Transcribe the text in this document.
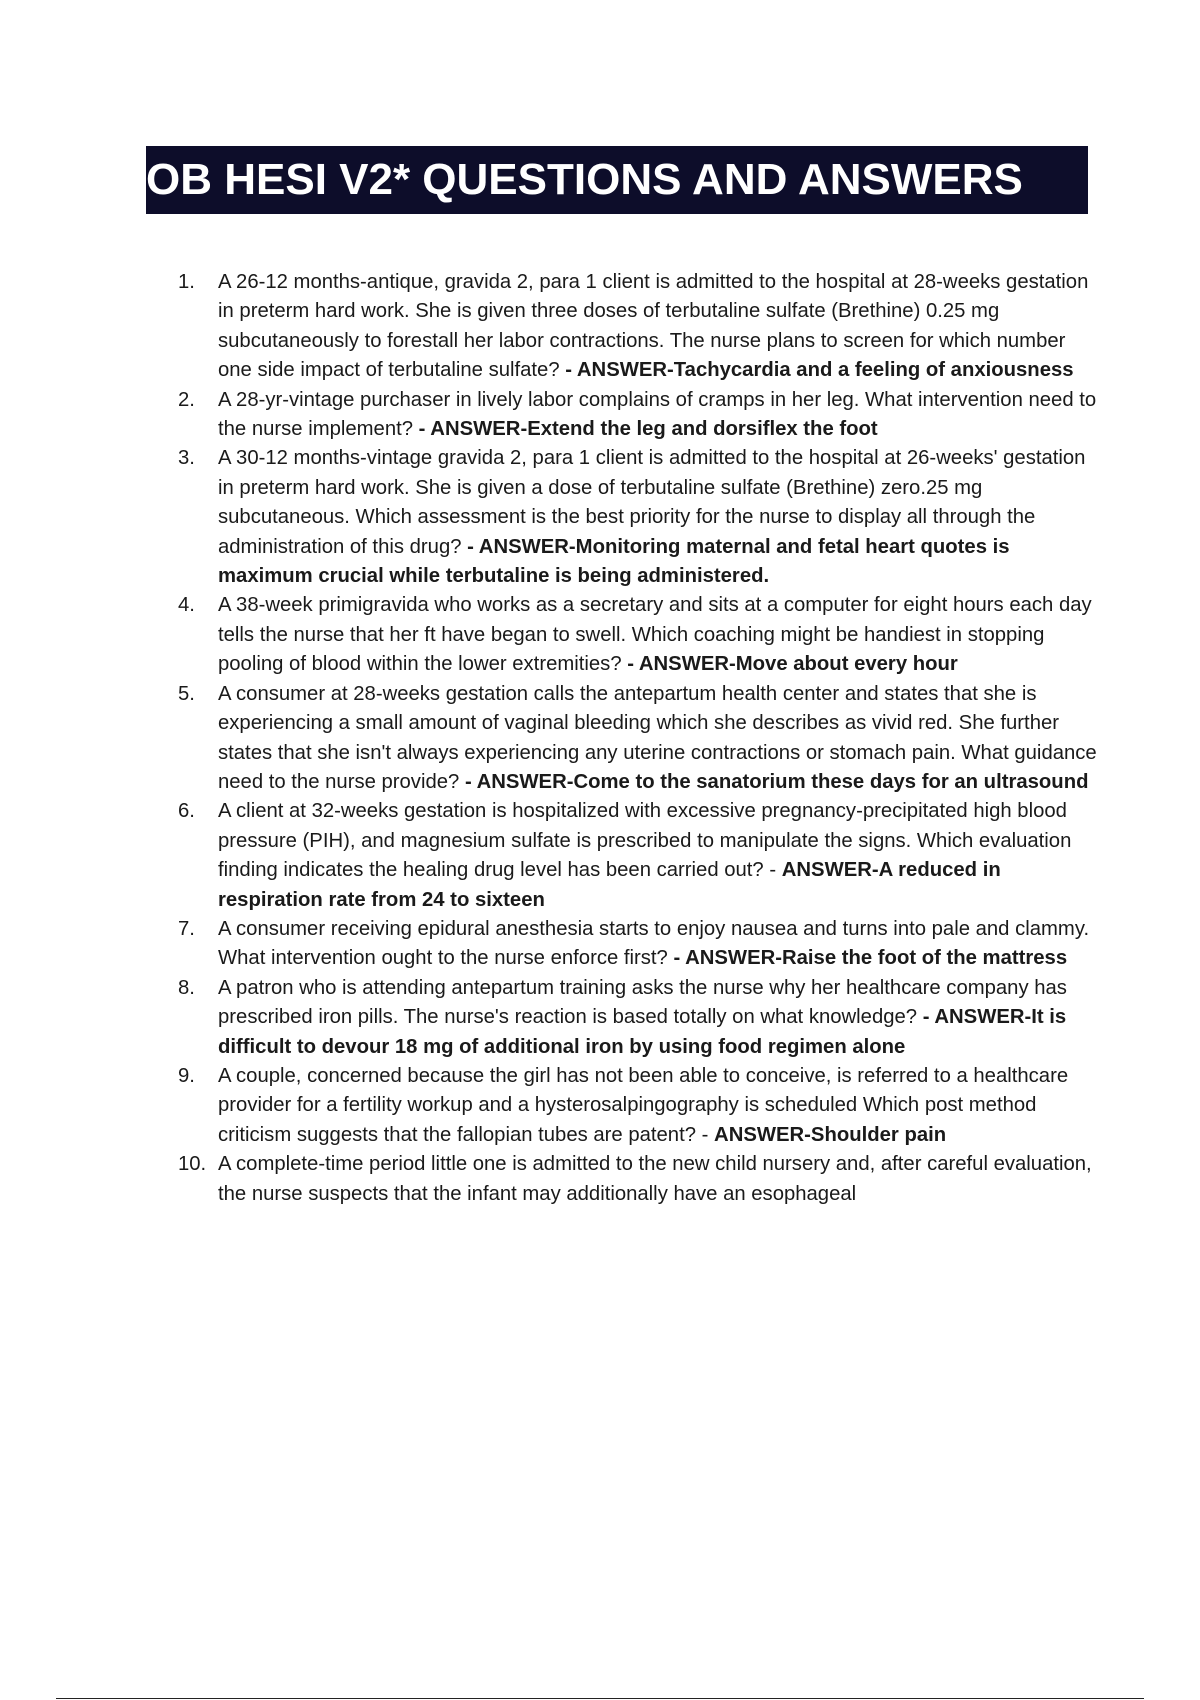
OB HESI V2* QUESTIONS AND ANSWERS
1.	A 26-12 months-antique, gravida 2, para 1 client is admitted to the hospital at 28-weeks gestation in preterm hard work. She is given three doses of terbutaline sulfate (Brethine) 0.25 mg subcutaneously to forestall her labor contractions. The nurse plans to screen for which number one side impact of terbutaline sulfate? - ANSWER-Tachycardia and a feeling of anxiousness
2.	A 28-yr-vintage purchaser in lively labor complains of cramps in her leg. What intervention need to the nurse implement? - ANSWER-Extend the leg and dorsiflex the foot
3.	A 30-12 months-vintage gravida 2, para 1 client is admitted to the hospital at 26-weeks' gestation in preterm hard work. She is given a dose of terbutaline sulfate (Brethine) zero.25 mg subcutaneous. Which assessment is the best priority for the nurse to display all through the administration of this drug? - ANSWER-Monitoring maternal and fetal heart quotes is maximum crucial while terbutaline is being administered.
4.	A 38-week primigravida who works as a secretary and sits at a computer for eight hours each day tells the nurse that her ft have began to swell. Which coaching might be handiest in stopping pooling of blood within the lower extremities? - ANSWER-Move about every hour
5.	A consumer at 28-weeks gestation calls the antepartum health center and states that she is experiencing a small amount of vaginal bleeding which she describes as vivid red. She further states that she isn't always experiencing any uterine contractions or stomach pain. What guidance need to the nurse provide? - ANSWER-Come to the sanatorium these days for an ultrasound
6.	A client at 32-weeks gestation is hospitalized with excessive pregnancy-precipitated high blood pressure (PIH), and magnesium sulfate is prescribed to manipulate the signs. Which evaluation finding indicates the healing drug level has been carried out? - ANSWER-A reduced in respiration rate from 24 to sixteen
7.	A consumer receiving epidural anesthesia starts to enjoy nausea and turns into pale and clammy. What intervention ought to the nurse enforce first? - ANSWER-Raise the foot of the mattress
8.	A patron who is attending antepartum training asks the nurse why her healthcare company has prescribed iron pills. The nurse's reaction is based totally on what knowledge? - ANSWER-It is difficult to devour 18 mg of additional iron by using food regimen alone
9.	A couple, concerned because the girl has not been able to conceive, is referred to a healthcare provider for a fertility workup and a hysterosalpingography is scheduled Which post method criticism suggests that the fallopian tubes are patent? - ANSWER-Shoulder pain
10. A complete-time period little one is admitted to the new child nursery and, after careful evaluation, the nurse suspects that the infant may additionally have an esophageal
